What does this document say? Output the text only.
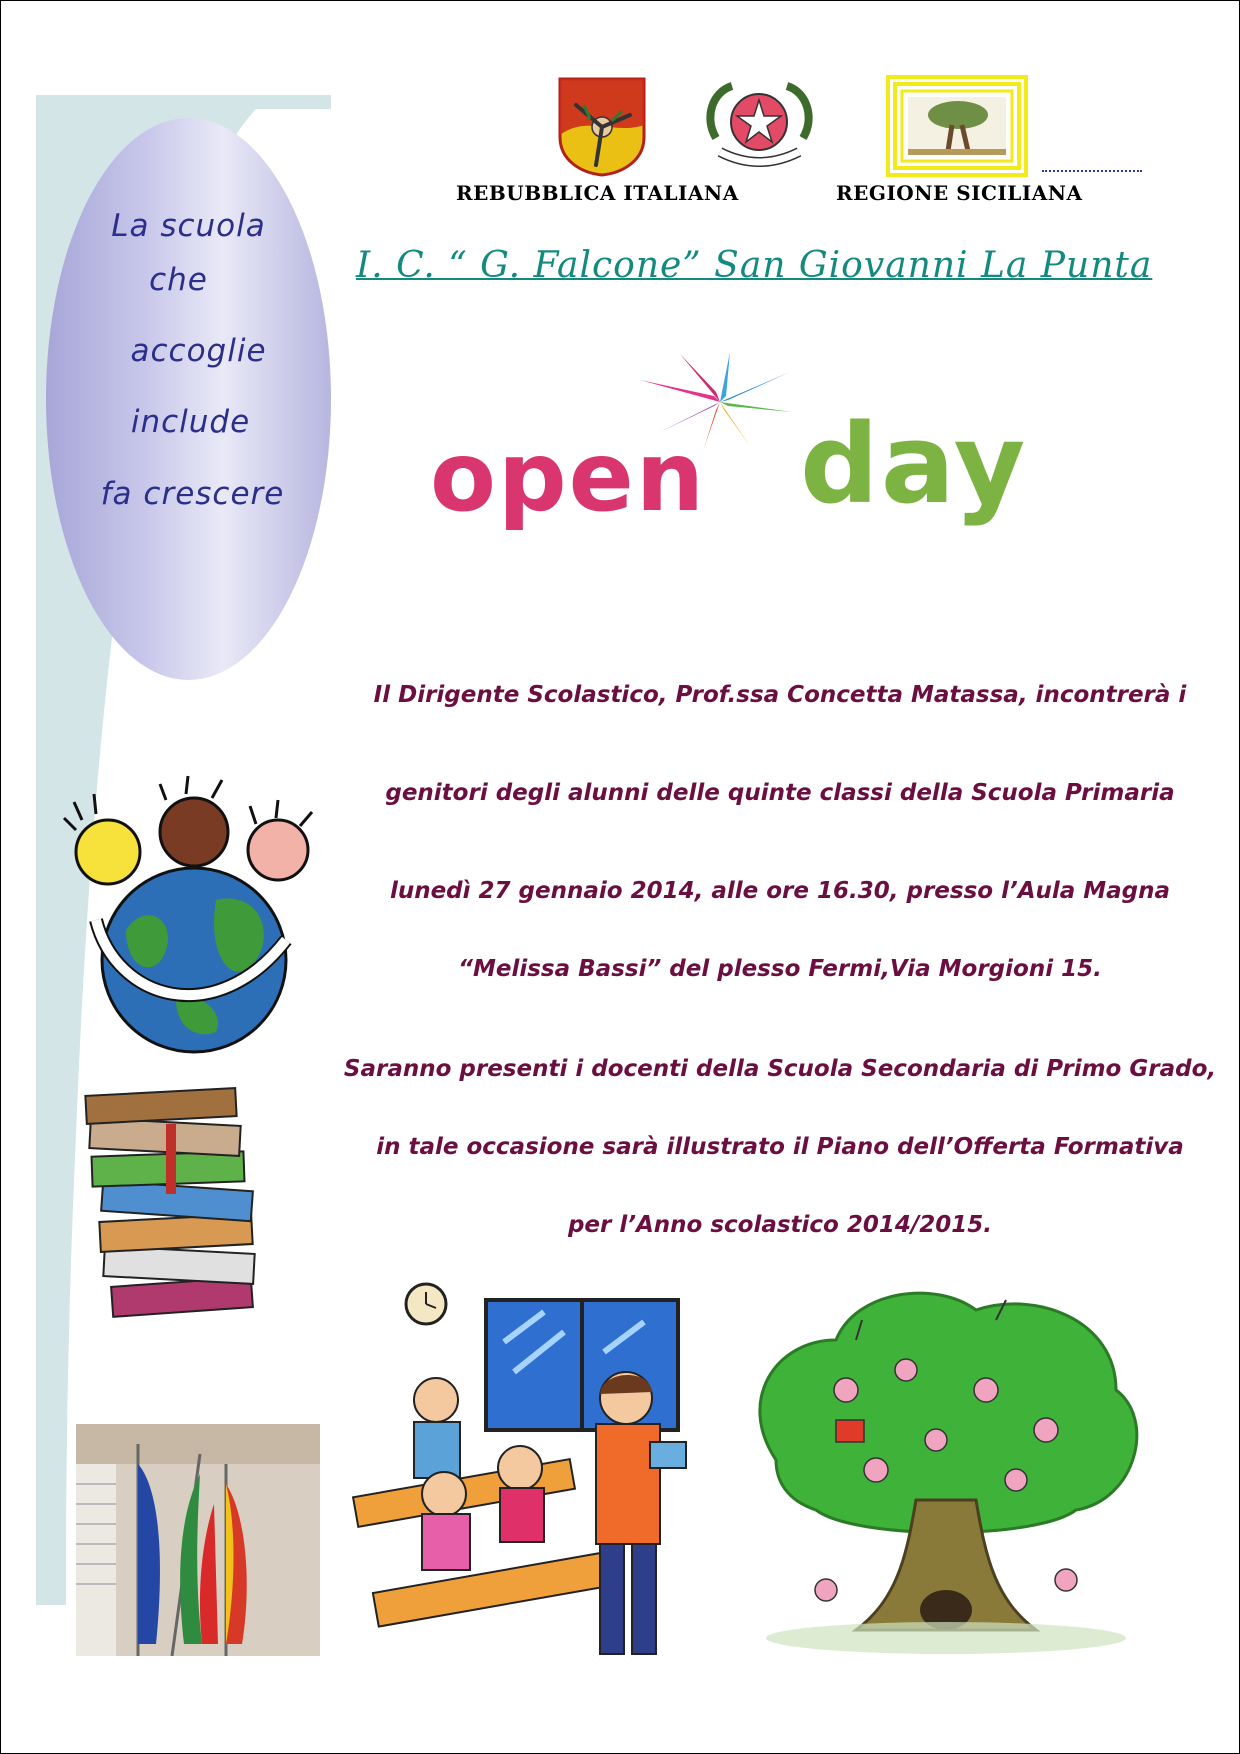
La scuola
che
accoglie
include
fa crescere
REBUBBLICA ITALIANA	REGIONE SICILIANA
I. C. “ G. Falcone” San Giovanni La Punta
open day
Il Dirigente Scolastico, Prof.ssa Concetta Matassa, incontrerà i
genitori degli alunni delle quinte classi della Scuola Primaria
lunedì 27 gennaio 2014, alle ore 16.30, presso l’Aula Magna
“Melissa Bassi” del plesso Fermi,Via Morgioni 15.
Saranno presenti i docenti della Scuola Secondaria di Primo Grado,
in tale occasione sarà illustrato il Piano dell’Offerta Formativa
per l’Anno scolastico 2014/2015.
